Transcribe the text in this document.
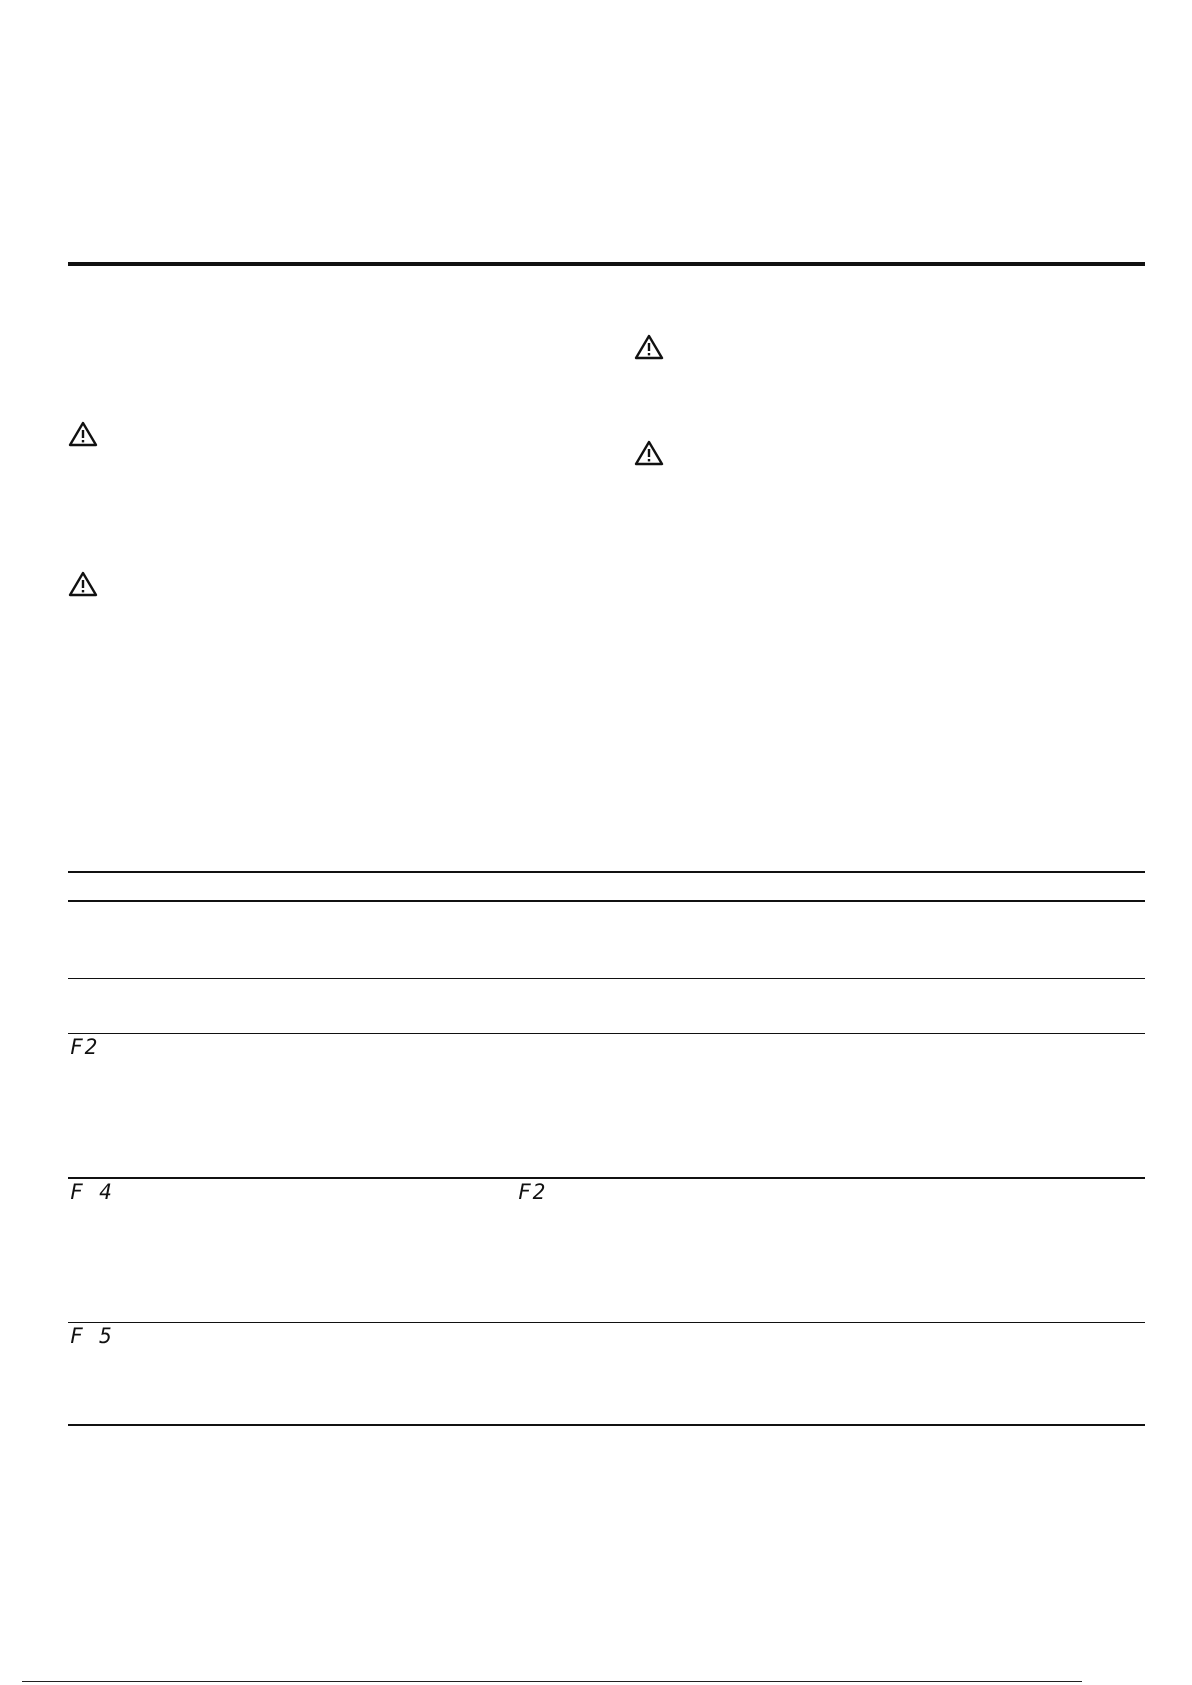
F2
F 4	F2
F 5
